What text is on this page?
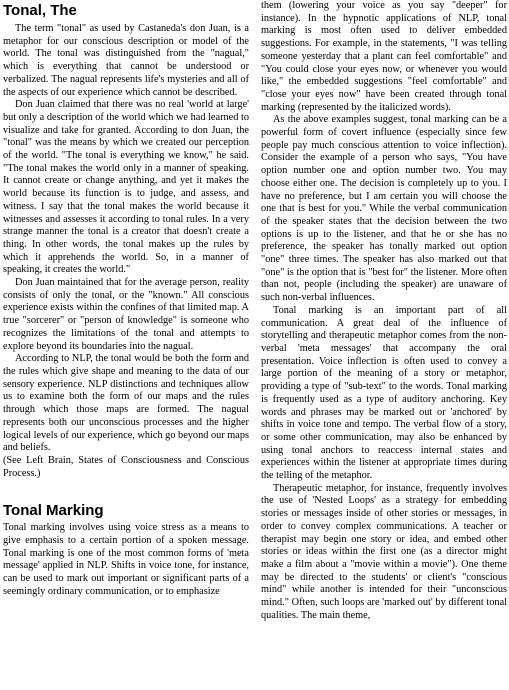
Tonal, The

The term "tonal" as used by Castaneda's don Juan, is a metaphor for our conscious description or model of the world. The tonal was distinguished from the "nagual," which is everything that cannot be understood or verbalized. The nagual represents life's mysteries and all of the aspects of our experience which cannot be described.

Don Juan claimed that there was no real 'world at large' but only a description of the world which we had learned to visualize and take for granted. According to don Juan, the "tonal" was the means by which we created our perception of the world. "The tonal is everything we know," he said. "The tonal makes the world only in a manner of speaking. It cannot create or change anything, and yet it makes the world because its function is to judge, and assess, and witness. I say that the tonal makes the world because it witnesses and assesses it according to tonal rules. In a very strange manner the tonal is a creator that doesn't create a thing. In other words, the tonal makes up the rules by which it apprehends the world. So, in a manner of speaking, it creates the world."

Don Juan maintained that for the average person, reality consists of only the tonal, or the "known." All conscious experience exists within the confines of that limited map. A true "sorcerer" or "person of knowledge" is someone who recognizes the limitations of the tonal and attempts to explore beyond its boundaries into the nagual.

According to NLP, the tonal would be both the form and the rules which give shape and meaning to the data of our sensory experience. NLP distinctions and techniques allow us to examine both the form of our maps and the rules through which those maps are formed. The nagual represents both our unconscious processes and the higher logical levels of our experience, which go beyond our maps and beliefs.

(See Left Brain, States of Consciousness and Conscious Process.)

Tonal Marking

Tonal marking involves using voice stress as a means to give emphasis to a certain portion of a spoken message. Tonal marking is one of the most common forms of 'meta message' applied in NLP. Shifts in voice tone, for instance, can be used to mark out important or significant parts of a seemingly ordinary communication, or to emphasize

them (lowering your voice as you say "deeper" for instance). In the hypnotic applications of NLP, tonal marking is most often used to deliver embedded suggestions. For example, in the statements, "I was telling someone yesterday that a plant can feel comfortable" and "You could close your eyes now, or whenever you would like," the embedded suggestions "feel comfortable" and "close your eyes now" have been created through tonal marking (represented by the italicized words).

As the above examples suggest, tonal marking can be a powerful form of covert influence (especially since few people pay much conscious attention to voice inflection). Consider the example of a person who says, "You have option number one and option number two. You may choose either one. The decision is completely up to you. I have no preference, but I am certain you will choose the one that is best for you." While the verbal communication of the speaker states that the decision between the two options is up to the listener, and that he or she has no preference, the speaker has tonally marked out option "one" three times. The speaker has also marked out that "one" is the option that is "best for" the listener. More often than not, people (including the speaker) are unaware of such non-verbal influences.

Tonal marking is an important part of all communication. A great deal of the influence of storytelling and therapeutic metaphor comes from the non-verbal 'meta messages' that accompany the oral presentation. Voice inflection is often used to convey a large portion of the meaning of a story or metaphor, providing a type of "sub-text" to the words. Tonal marking is frequently used as a type of auditory anchoring. Key words and phrases may be marked out or 'anchored' by shifts in voice tone and tempo. The verbal flow of a story, or some other communication, may also be enhanced by using tonal anchors to reaccess internal states and experiences within the listener at appropriate times during the telling of the metaphor.

Therapeutic metaphor, for instance, frequently involves the use of 'Nested Loops' as a strategy for embedding stories or messages inside of other stories or messages, in order to convey complex communications. A teacher or therapist may begin one story or idea, and embed other stories or ideas within the first one (as a director might make a film about a "movie within a movie"). One theme may be directed to the students' or client's "conscious mind" while another is intended for their "unconscious mind." Often, such loops are 'marked out' by different tonal qualities. The main theme,
